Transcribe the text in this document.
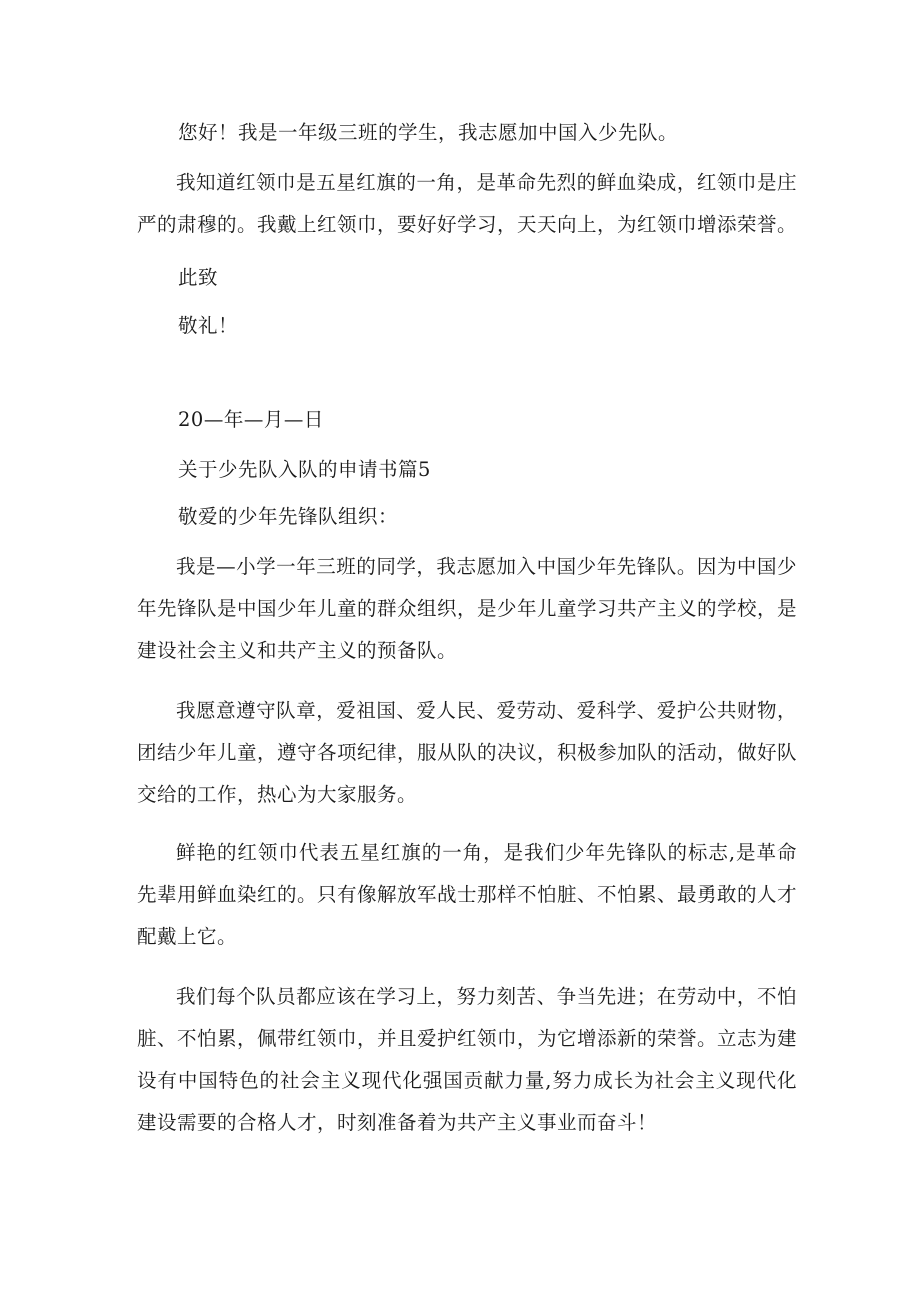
您好！我是一年级三班的学生，我志愿加中国入少先队。

我知道红领巾是五星红旗的一角，是革命先烈的鲜血染成，红领巾是庄严的肃穆的。我戴上红领巾，要好好学习，天天向上，为红领巾增添荣誉。

此致

敬礼！

20—年—月—日

关于少先队入队的申请书篇5

敬爱的少年先锋队组织：

我是—小学一年三班的同学，我志愿加入中国少年先锋队。因为中国少年先锋队是中国少年儿童的群众组织，是少年儿童学习共产主义的学校，是建设社会主义和共产主义的预备队。

我愿意遵守队章，爱祖国、爱人民、爱劳动、爱科学、爱护公共财物，团结少年儿童，遵守各项纪律，服从队的决议，积极参加队的活动，做好队交给的工作，热心为大家服务。

鲜艳的红领巾代表五星红旗的一角，是我们少年先锋队的标志,是革命先辈用鲜血染红的。只有像解放军战士那样不怕脏、不怕累、最勇敢的人才配戴上它。

我们每个队员都应该在学习上，努力刻苦、争当先进；在劳动中，不怕脏、不怕累，佩带红领巾，并且爱护红领巾，为它增添新的荣誉。立志为建设有中国特色的社会主义现代化强国贡献力量,努力成长为社会主义现代化建设需要的合格人才，时刻准备着为共产主义事业而奋斗！
